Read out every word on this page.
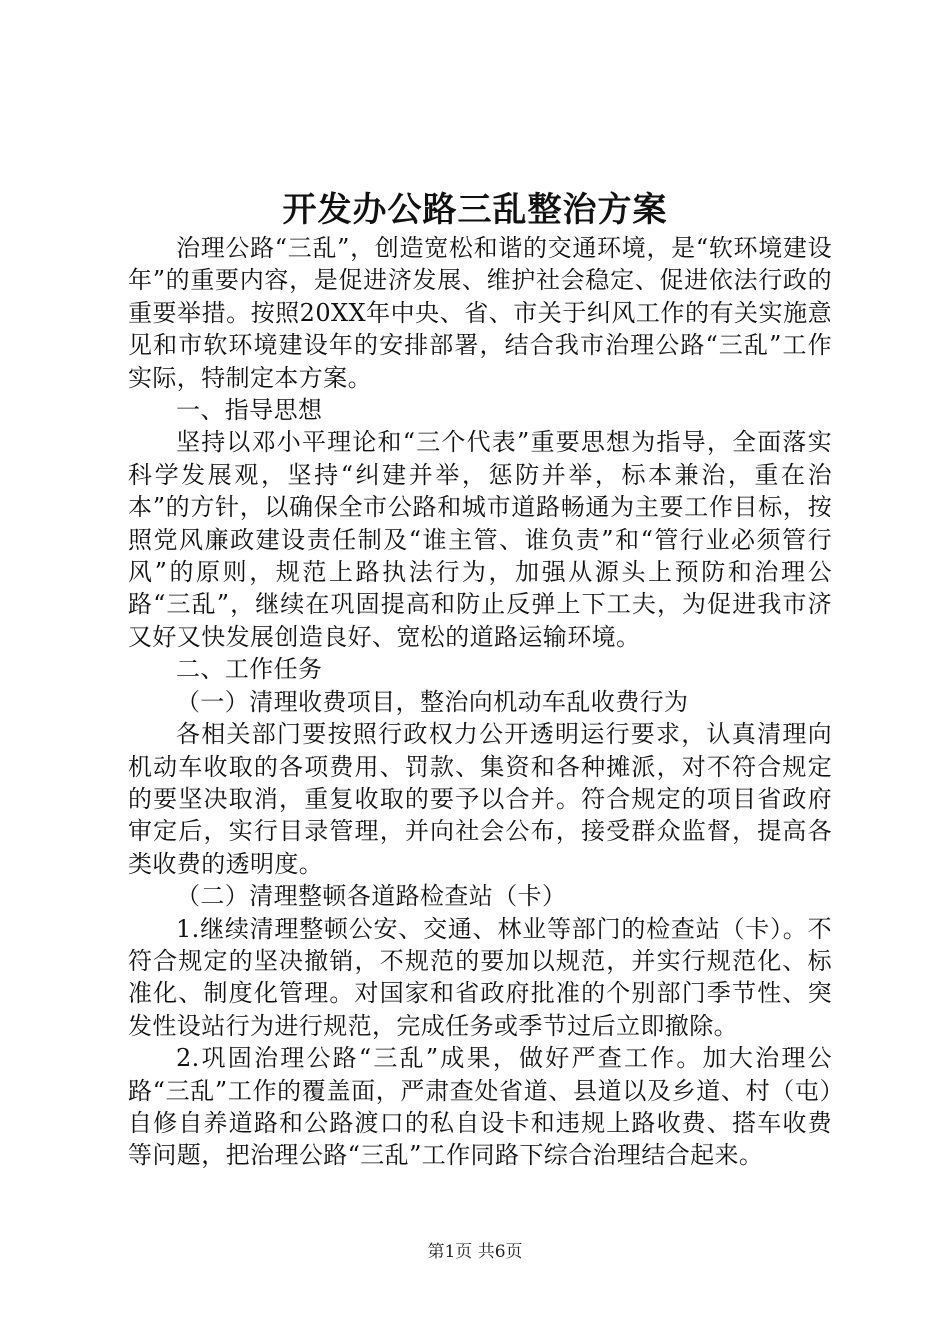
开发办公路三乱整治方案

治理公路“三乱”，创造宽松和谐的交通环境，是“软环境建设年”的重要内容，是促进济发展、维护社会稳定、促进依法行政的重要举措。按照20XX年中央、省、市关于纠风工作的有关实施意见和市软环境建设年的安排部署，结合我市治理公路“三乱”工作实际，特制定本方案。

一、指导思想

坚持以邓小平理论和“三个代表”重要思想为指导，全面落实科学发展观，坚持“纠建并举，惩防并举，标本兼治，重在治本”的方针，以确保全市公路和城市道路畅通为主要工作目标，按照党风廉政建设责任制及“谁主管、谁负责”和“管行业必须管行风”的原则，规范上路执法行为，加强从源头上预防和治理公路“三乱”，继续在巩固提高和防止反弹上下工夫，为促进我市济又好又快发展创造良好、宽松的道路运输环境。

二、工作任务

（一）清理收费项目，整治向机动车乱收费行为

各相关部门要按照行政权力公开透明运行要求，认真清理向机动车收取的各项费用、罚款、集资和各种摊派，对不符合规定的要坚决取消，重复收取的要予以合并。符合规定的项目省政府审定后，实行目录管理，并向社会公布，接受群众监督，提高各类收费的透明度。

（二）清理整顿各道路检查站（卡）

1.继续清理整顿公安、交通、林业等部门的检查站（卡）。不符合规定的坚决撤销，不规范的要加以规范，并实行规范化、标准化、制度化管理。对国家和省政府批准的个别部门季节性、突发性设站行为进行规范，完成任务或季节过后立即撤除。

2.巩固治理公路“三乱”成果，做好严查工作。加大治理公路“三乱”工作的覆盖面，严肃查处省道、县道以及乡道、村（屯）自修自养道路和公路渡口的私自设卡和违规上路收费、搭车收费等问题，把治理公路“三乱”工作同路下综合治理结合起来。

第1页 共6页
